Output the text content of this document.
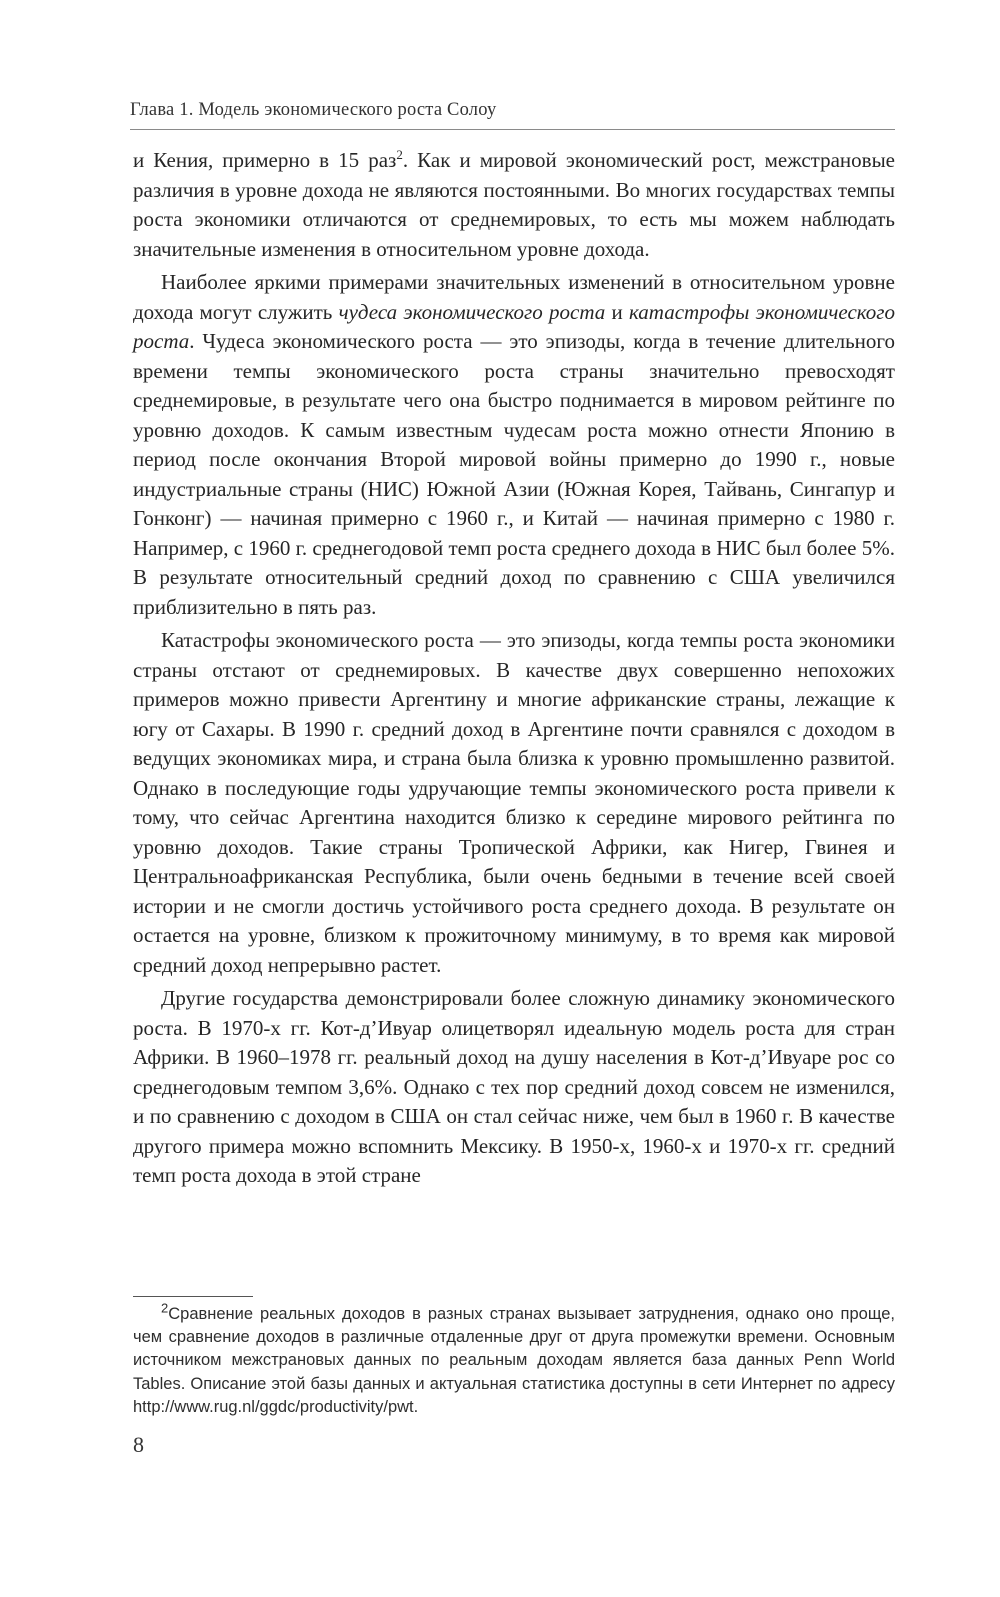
Глава 1. Модель экономического роста Солоу

и Кения, примерно в 15 раз$^2$. Как и мировой экономический рост, межстрановые различия в уровне дохода не являются постоянными. Во многих государствах темпы роста экономики отличаются от среднемировых, то есть мы можем наблюдать значительные изменения в относительном уровне дохода.

Наиболее яркими примерами значительных изменений в относительном уровне дохода могут служить чудеса экономического роста и катастрофы экономического роста. Чудеса экономического роста — это эпизоды, когда в течение длительного времени темпы экономического роста страны значительно превосходят среднемировые, в результате чего она быстро поднимается в мировом рейтинге по уровню доходов. К самым известным чудесам роста можно отнести Японию в период после окончания Второй мировой войны примерно до 1990 г., новые индустриальные страны (НИС) Южной Азии (Южная Корея, Тайвань, Сингапур и Гонконг) — начиная примерно с 1960 г., и Китай — начиная примерно с 1980 г. Например, с 1960 г. среднегодовой темп роста среднего дохода в НИС был более 5%. В результате относительный средний доход по сравнению с США увеличился приблизительно в пять раз.

Катастрофы экономического роста — это эпизоды, когда темпы роста экономики страны отстают от среднемировых. В качестве двух совершенно непохожих примеров можно привести Аргентину и многие африканские страны, лежащие к югу от Сахары. В 1990 г. средний доход в Аргентине почти сравнялся с доходом в ведущих экономиках мира, и страна была близка к уровню промышленно развитой. Однако в последующие годы удручающие темпы экономического роста привели к тому, что сейчас Аргентина находится близко к середине мирового рейтинга по уровню доходов. Такие страны Тропической Африки, как Нигер, Гвинея и Центральноафриканская Республика, были очень бедными в течение всей своей истории и не смогли достичь устойчивого роста среднего дохода. В результате он остается на уровне, близком к прожиточному минимуму, в то время как мировой средний доход непрерывно растет.

Другие государства демонстрировали более сложную динамику экономического роста. В 1970-х гг. Кот-д’Ивуар олицетворял идеальную модель роста для стран Африки. В 1960–1978 гг. реальный доход на душу населения в Кот-д’Ивуаре рос со среднегодовым темпом 3,6%. Однако с тех пор средний доход совсем не изменился, и по сравнению с доходом в США он стал сейчас ниже, чем был в 1960 г. В качестве другого примера можно вспомнить Мексику. В 1950-х, 1960-х и 1970-х гг. средний темп роста дохода в этой стране

$^2$Сравнение реальных доходов в разных странах вызывает затруднения, однако оно проще, чем сравнение доходов в различные отдаленные друг от друга промежутки времени. Основным источником межстрановых данных по реальным доходам является база данных Penn World Tables. Описание этой базы данных и актуальная статистика доступны в сети Интернет по адресу http://www.rug.nl/ggdc/productivity/pwt.
8
